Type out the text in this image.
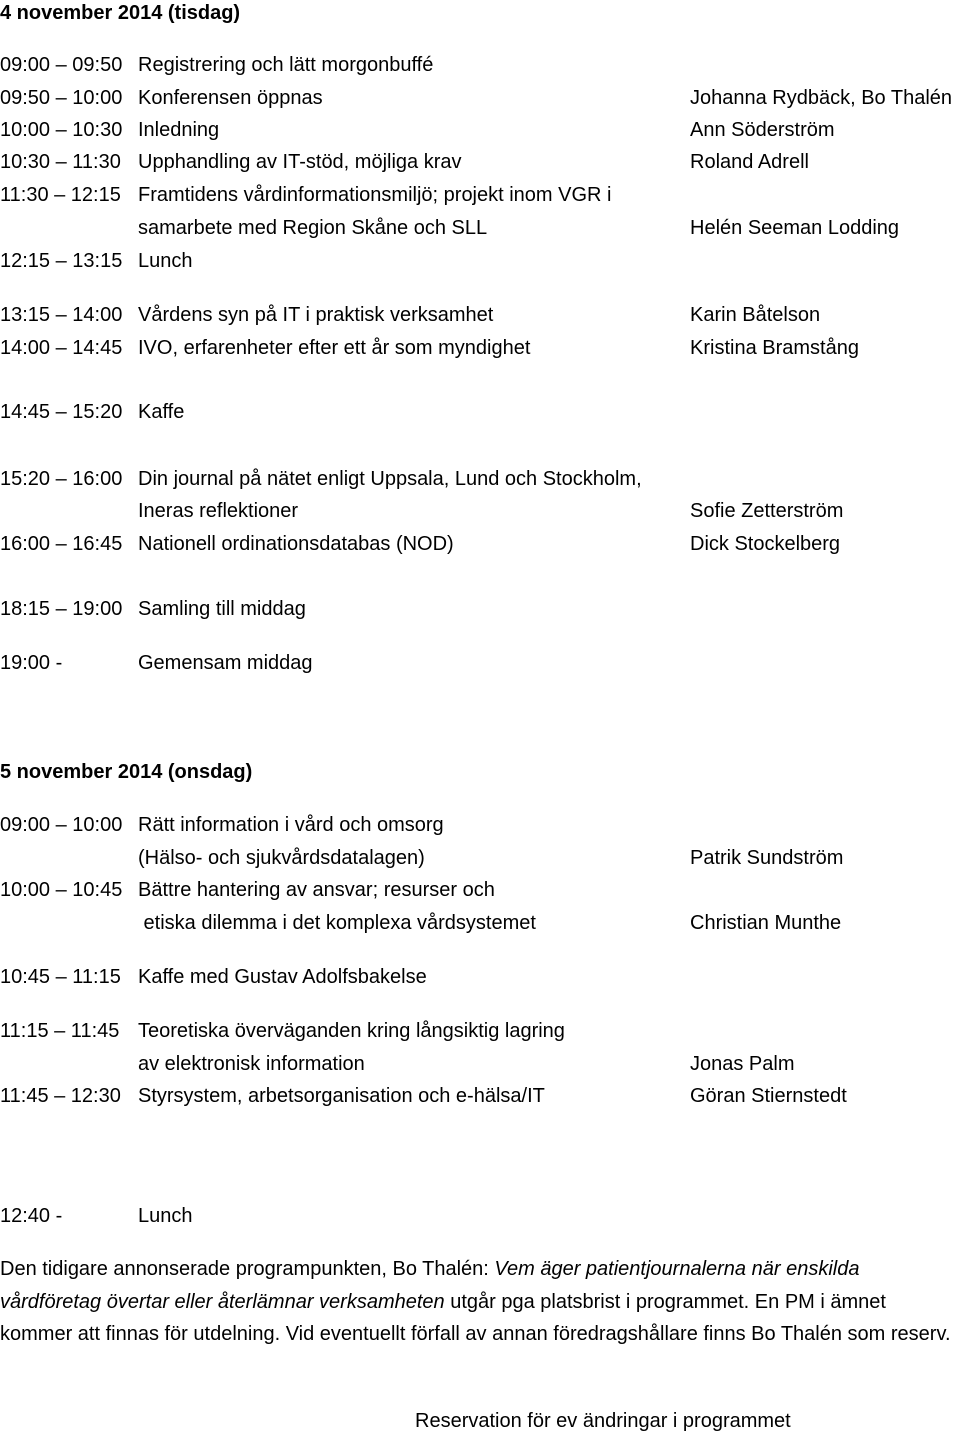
4 november 2014 (tisdag)
09:00 – 09:50 Registrering och lätt morgonbuffé
09:50 – 10:00 Konferensen öppnas	Johanna Rydbäck, Bo Thalén
10:00 – 10:30 Inledning	Ann Söderström
10:30 – 11:30 Upphandling av IT-stöd, möjliga krav	Roland Adrell
11:30 – 12:15 Framtidens vårdinformationsmiljö; projekt inom VGR i
samarbete med Region Skåne och SLL	Helén Seeman Lodding
12:15 – 13:15 Lunch
13:15 – 14:00 Vårdens syn på IT i praktisk verksamhet	Karin Båtelson
14:00 – 14:45 IVO, erfarenheter efter ett år som myndighet	Kristina Bramstång
14:45 – 15:20 Kaffe
15:20 – 16:00 Din journal på nätet enligt Uppsala, Lund och Stockholm,
Ineras reflektioner	Sofie Zetterström
16:00 – 16:45 Nationell ordinationsdatabas (NOD)	Dick Stockelberg
18:15 – 19:00 Samling till middag
19:00 -	Gemensam middag
5 november 2014 (onsdag)
09:00 – 10:00 Rätt information i vård och omsorg
(Hälso- och sjukvårdsdatalagen)	Patrik Sundström
10:00 – 10:45 Bättre hantering av ansvar; resurser och
etiska dilemma i det komplexa vårdsystemet	Christian Munthe
10:45 – 11:15 Kaffe med Gustav Adolfsbakelse
11:15 – 11:45 Teoretiska överväganden kring långsiktig lagring
av elektronisk information	Jonas Palm
11:45 – 12:30 Styrsystem, arbetsorganisation och e-hälsa/IT	Göran Stiernstedt
12:40 -	Lunch
Den tidigare annonserade programpunkten, Bo Thalén: Vem äger patientjournalerna när enskilda vårdföretag övertar eller återlämnar verksamheten utgår pga platsbrist i programmet. En PM i ämnet kommer att finnas för utdelning. Vid eventuellt förfall av annan föredragshållare finns Bo Thalén som reserv.
Reservation för ev ändringar i programmet
